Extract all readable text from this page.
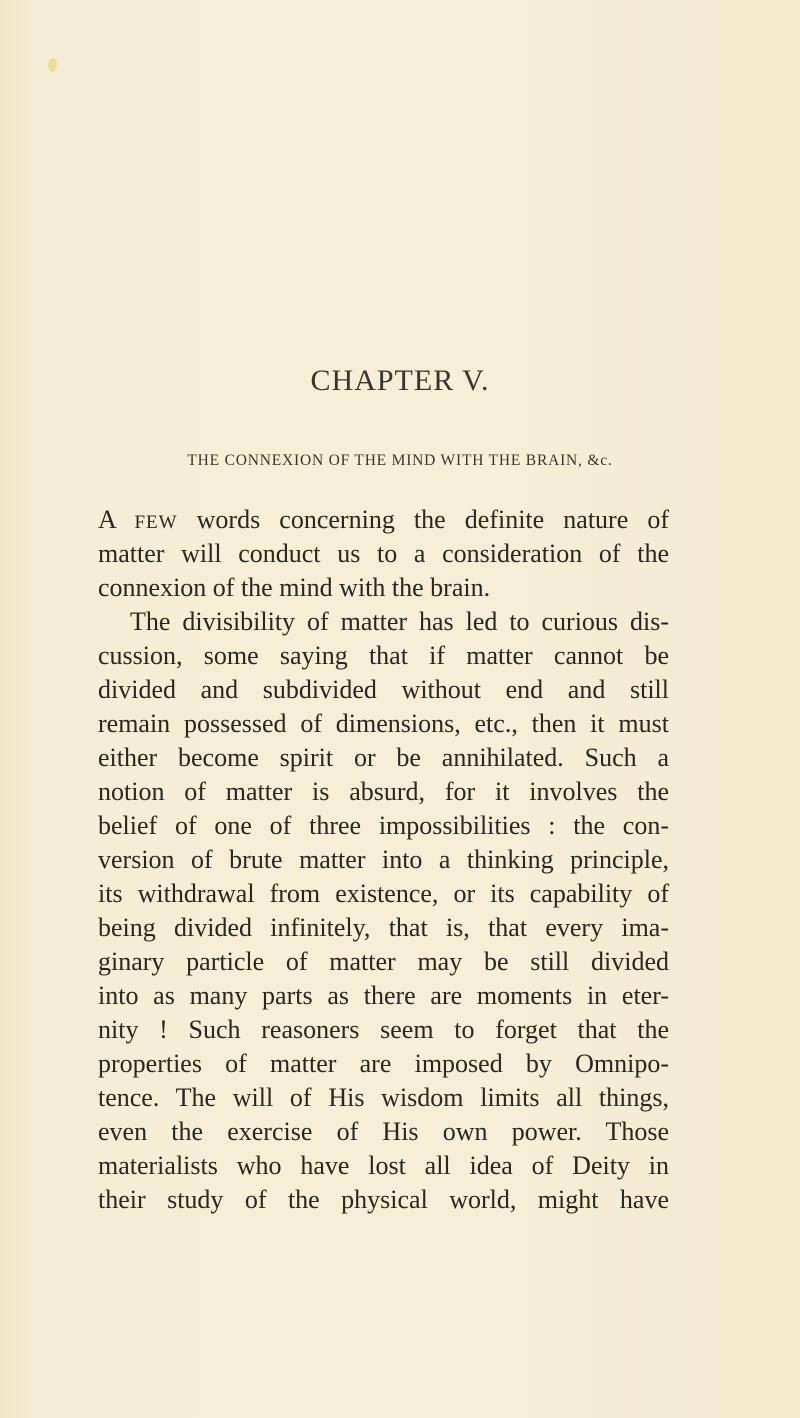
CHAPTER V.
THE CONNEXION OF THE MIND WITH THE BRAIN, &c.
A FEW words concerning the definite nature of
matter will conduct us to a consideration of the
connexion of the mind with the brain.
The divisibility of matter has led to curious dis-
cussion, some saying that if matter cannot be
divided and subdivided without end and still
remain possessed of dimensions, etc., then it must
either become spirit or be annihilated. Such a
notion of matter is absurd, for it involves the
belief of one of three impossibilities : the con-
version of brute matter into a thinking principle,
its withdrawal from existence, or its capability of
being divided infinitely, that is, that every ima-
ginary particle of matter may be still divided
into as many parts as there are moments in eter-
nity ! Such reasoners seem to forget that the
properties of matter are imposed by Omnipo-
tence. The will of His wisdom limits all things,
even the exercise of His own power. Those
materialists who have lost all idea of Deity in
their study of the physical world, might have
